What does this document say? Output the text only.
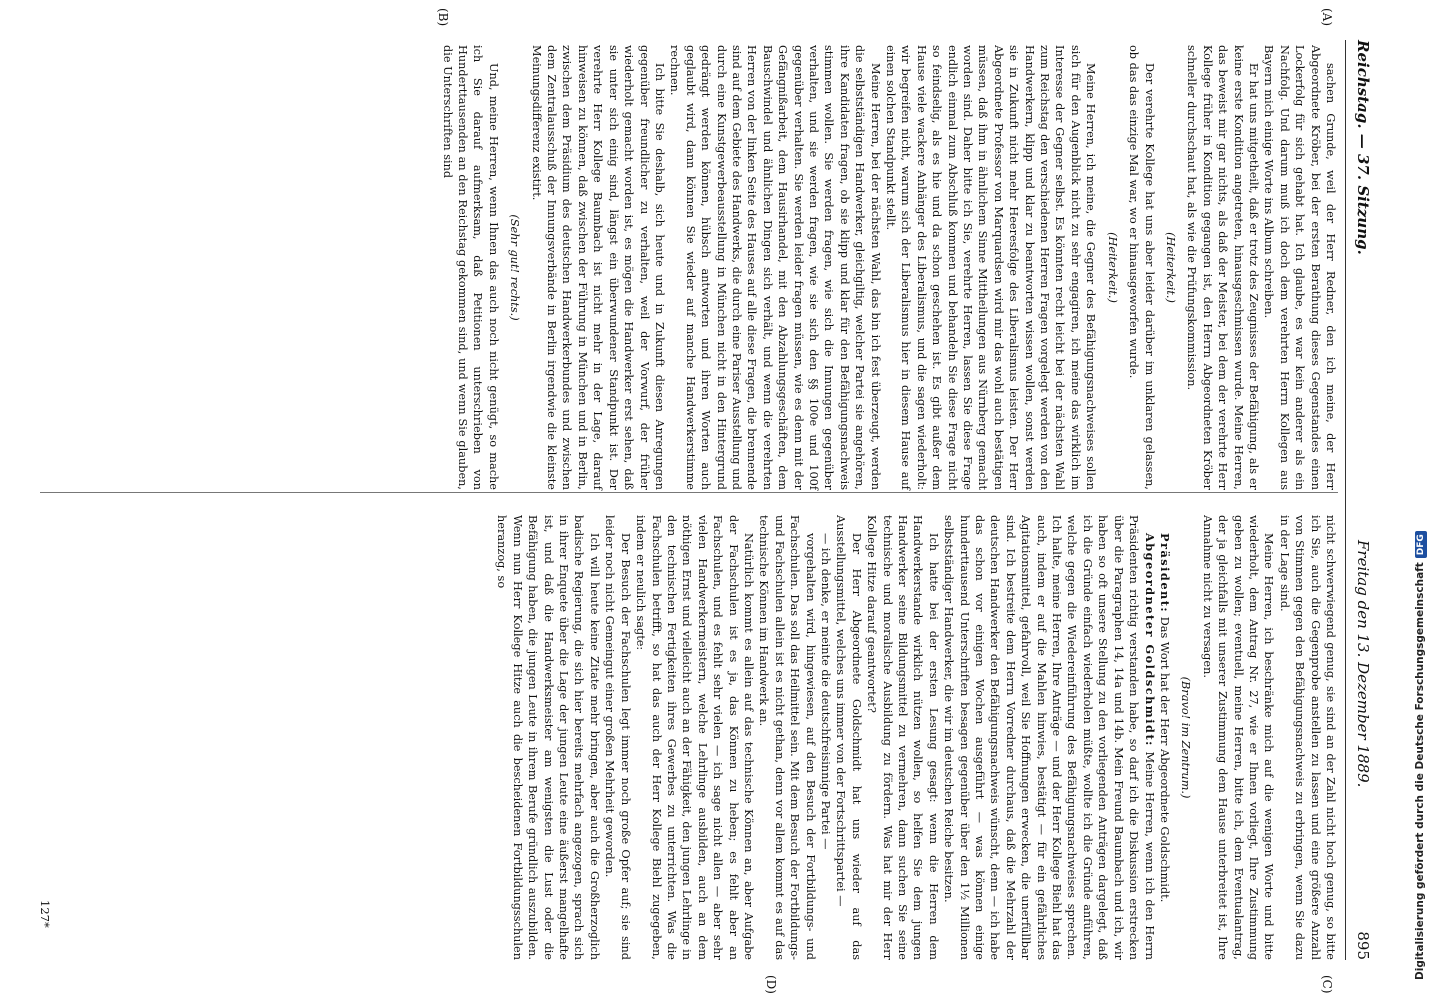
Reichstag. — 37. Sitzung.
Freitag den 13. Dezember 1889.
895
(A)
(B)
(C)
(D)

sachen Grunde, weil der Herr Redner, den ich meine, der Herr Abgeordnete Kröber, bei der ersten Berathung dieses Gegenstandes einen Lockerfolg für sich gehabt hat. Ich glaube, es war kein anderer als ein Nachfolg. Und darum muß ich doch dem verehrten Herrn Kollegen aus Bayern mich einige Worte ins Album schreiben.

Er hat uns mitgetheilt, daß er trotz des Zeugnisses der Befähigung, als er keine erste Kondition angetreten, hinausgeschmissen wurde. Meine Herren, das beweist mir gar nichts, als daß der Meister, bei dem der verehrte Herr Kollege früher in Kondition gegangen ist, den Herrn Abgeordneten Kröber schneller durchschaut hat, als wie die Prüfungskommission.

(Heiterkeit.)

Der verehrte Kollege hat uns aber leider darüber im unklaren gelassen, ob das das einzige Mal war, wo er hinausgeworfen wurde.

(Heiterkeit.)

Meine Herren, ich meine, die Gegner des Befähigungsnachweises sollen sich für den Augenblick nicht zu sehr engagiren, ich meine das wirklich im Interesse der Gegner selbst. Es könnten recht leicht bei der nächsten Wahl zum Reichstag den verschiedenen Herren Fragen vorgelegt werden von den Handwerkern, klipp und klar zu beantworten wissen wollen, sonst werden sie in Zukunft nicht mehr Heeresfolge des Liberalismus leisten. Der Herr Abgeordnete Professor von Marquardsen wird mir das wohl auch bestätigen müssen, daß ihm in ähnlichem Sinne Mittheilungen aus Nürnberg gemacht worden sind. Daher bitte ich Sie, verehrte Herren, lassen Sie diese Frage endlich einmal zum Abschluß kommen und behandeln Sie diese Frage nicht so feindselig, als es hie und da schon geschehen ist. Es gibt außer dem Hause viele wackere Anhänger des Liberalismus, und die sagen wiederholt: wir begreifen nicht, warum sich der Liberalismus hier in diesem Hause auf einen solchen Standpunkt stellt.

Meine Herren, bei der nächsten Wahl, das bin ich fest überzeugt, werden die selbstständigen Handwerker, gleichgiltig, welcher Partei sie angehören, ihre Kandidaten fragen, ob sie klipp und klar für den Befähigungsnachweis stimmen wollen. Sie werden fragen, wie sich die Innungen gegenüber verhalten, und sie werden fragen, wie sie sich den §§ 100e und 100f gegenüber verhalten. Sie werden leider fragen müssen, wie es denn mit der Gefängnißarbeit, dem Hausirhandel, mit den Abzahlungsgeschäften, dem Bauschwindel und ähnlichen Dingen sich verhält, und wenn die verehrten Herren von der linken Seite des Hauses auf alle diese Fragen, die brennende sind auf dem Gebiete des Handwerks, die durch eine Pariser Ausstellung und durch eine Kunstgewerbeausstellung in München nicht in den Hintergrund gedrängt werden können, hübsch antworten und ihren Worten auch geglaubt wird, dann können Sie wieder auf manche Handwerkerstimme rechnen.

Ich bitte Sie deshalb, sich heute und in Zukunft diesen Anregungen gegenüber freundlicher zu verhalten, weil der Vorwurf, der früher wiederholt gemacht worden ist, es mögen die Handwerker erst sehen, daß sie unter sich einig sind, längst ein überwundener Standpunkt ist. Der verehrte Herr Kollege Baumbach ist nicht mehr in der Lage, darauf hinweisen zu können, daß zwischen der Führung in München und in Berlin, zwischen dem Präsidium des deutschen Handwerkerbundes und zwischen dem Zentralausschuß der Innungsverbände in Berlin irgendwie die kleinste Meinungsdifferenz existirt.

(Sehr gut! rechts.)

Und, meine Herren, wenn Ihnen das auch noch nicht genügt, so mache ich Sie darauf aufmerksam, daß Petitionen unterschrieben von Hunderttausenden an den Reichstag gekommen sind, und wenn Sie glauben, die Unterschriften sind

nicht schwerwiegend genug, sie sind an der Zahl nicht hoch genug, so bitte ich Sie, auch die Gegenprobe anstellen zu lassen und eine größere Anzahl von Stimmen gegen den Befähigungsnachweis zu erbringen, wenn Sie dazu in der Lage sind.

Meine Herren, ich beschränke mich auf die wenigen Worte und bitte wiederholt, dem Antrag Nr. 27, wie er Ihnen vorliegt, Ihre Zustimmung geben zu wollen; eventuell, meine Herren, bitte ich, dem Eventualantrag, der ja gleichfalls mit unserer Zustimmung dem Hause unterbreitet ist, Ihre Annahme nicht zu versagen.

(Bravo! im Zentrum.)

Präsident: Das Wort hat der Herr Abgeordnete Goldschmidt.

Abgeordneter Goldschmidt: Meine Herren, wenn ich den Herrn Präsidenten richtig verstanden habe, so darf ich die Diskussion erstrecken über die Paragraphen 14, 14a und 14b. Mein Freund Baumbach und ich, wir haben so oft unsere Stellung zu den vorliegenden Anträgen dargelegt, daß ich die Gründe einfach wiederholen müßte, wollte ich die Gründe anführen, welche gegen die Wiedereinführung des Befähigungsnachweises sprechen. Ich halte, meine Herren, Ihre Anträge — und der Herr Kollege Biehl hat das auch, indem er auf die Mahlen hinwies, bestätigt — für ein gefährliches Agitationsmittel, gefahrvoll, weil Sie Hoffnungen erwecken, die unerfüllbar sind. Ich bestreite dem Herrn Vorredner durchaus, daß die Mehrzahl der deutschen Handwerker den Befähigungsnachweis wünscht, denn — ich habe das schon vor einigen Wochen ausgeführt — was können einige hunderttausend Unterschriften besagen gegenüber über den 1½ Millionen selbstständiger Handwerker, die wir im deutschen Reiche besitzen.

Ich hatte bei der ersten Lesung gesagt: wenn die Herren dem Handwerkerstande wirklich nützen wollen, so helfen Sie dem jungen Handwerker seine Bildungsmittel zu vermehren, dann suchen Sie seine technische und moralische Ausbildung zu fördern. Was hat mir der Herr Kollege Hitze darauf geantwortet?

Der Herr Abgeordnete Goldschmidt hat uns wieder auf das Ausstellungsmittel, welches uns immer von der Fortschrittspartei —

— ich denke, er meinte die deutschfreisinnige Partei —

vorgehalten wird, hingewiesen, auf den Besuch der Fortbildungs- und Fachschulen. Das soll das Heilmittel sein. Mit dem Besuch der Fortbildungs- und Fachschulen allein ist es nicht gethan, denn vor allem kommt es auf das technische Können im Handwerk an.

Natürlich kommt es allein auf das technische Können an, aber Aufgabe der Fachschulen ist es ja, das Können zu heben; es fehlt aber an Fachschulen, und es fehlt sehr vielen — ich sage nicht allen — aber sehr vielen Handwerkermeistern, welche Lehrlinge ausbilden, auch an dem nöthigen Ernst und vielleicht auch an der Fähigkeit, den jungen Lehrlinge in den technischen Fertigkeiten ihres Gewerbes zu unterrichten. Was die Fachschulen betrifft, so hat das auch der Herr Kollege Biehl zugegeben, indem er neulich sagte:

Der Besuch der Fachschulen legt immer noch große Opfer auf; sie sind leider noch nicht Gemeingut einer großen Mehrheit geworden.

Ich will heute keine Zitate mehr bringen, aber auch die Großherzoglich badische Regierung, die sich hier bereits mehrfach angezogen, sprach sich in ihrer Enquete über die Lage der jungen Leute eine äußerst mangelhafte ist, und daß die Handwerksmeister am wenigsten die Lust oder die Befähigung haben, die jungen Leute in ihrem Berufe gründlich auszubilden. Wenn nun Herr Kollege Hitze auch die bescheidenen Fortbildungsschulen heranzog, so

127*	Digitalisierung gefördert durch die Deutsche ForschungsgemeinschaftDFG
